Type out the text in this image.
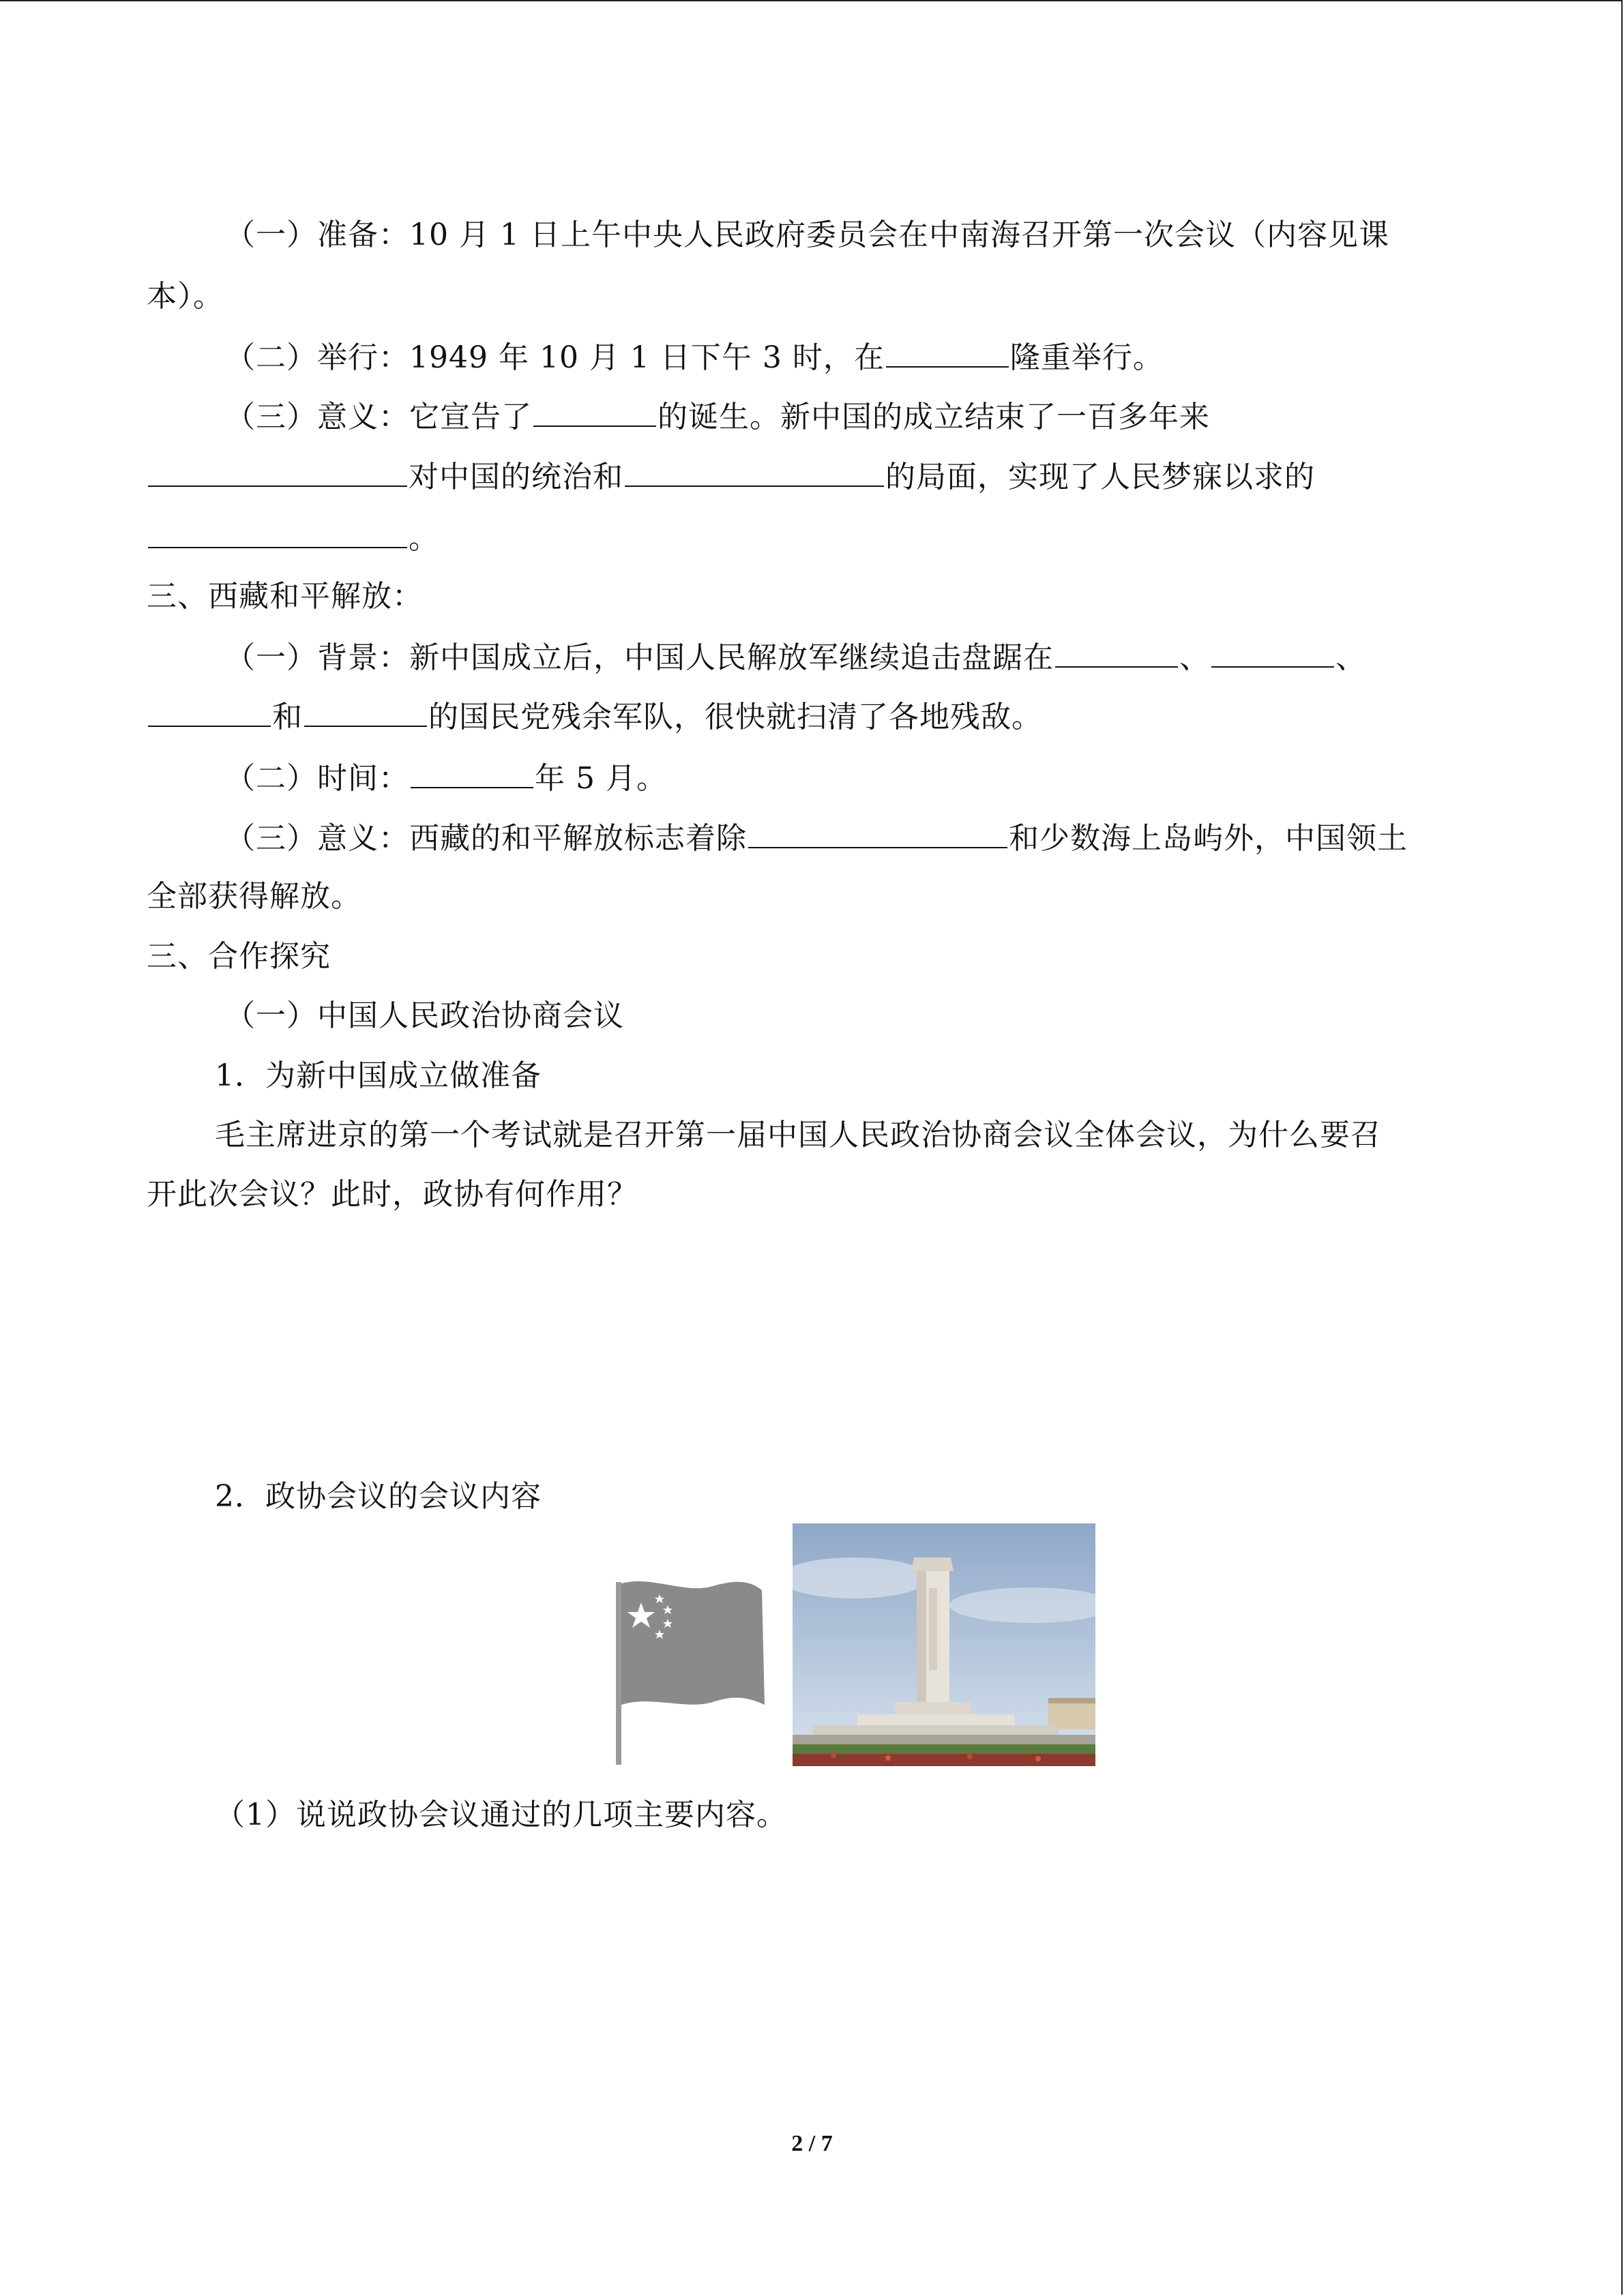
（一）准备：10 月 1 日上午中央人民政府委员会在中南海召开第一次会议（内容见课
本）。
（二）举行：1949 年 10 月 1 日下午 3 时，在	隆重举行。
（三）意义：它宣告了	的诞生。新中国的成立结束了一百多年来
对中国的统治和	的局面，实现了人民梦寐以求的
。
三、西藏和平解放：
（一）背景：新中国成立后，中国人民解放军继续追击盘踞在	、	、
和	的国民党残余军队，很快就扫清了各地残敌。
（二）时间：	年 5 月。
（三）意义：西藏的和平解放标志着除	和少数海上岛屿外，中国领土
全部获得解放。
三、合作探究
（一）中国人民政治协商会议
1．为新中国成立做准备
毛主席进京的第一个考试就是召开第一届中国人民政治协商会议全体会议，为什么要召
开此次会议？此时，政协有何作用？
2．政协会议的会议内容
（1）说说政协会议通过的几项主要内容。
2 / 7
